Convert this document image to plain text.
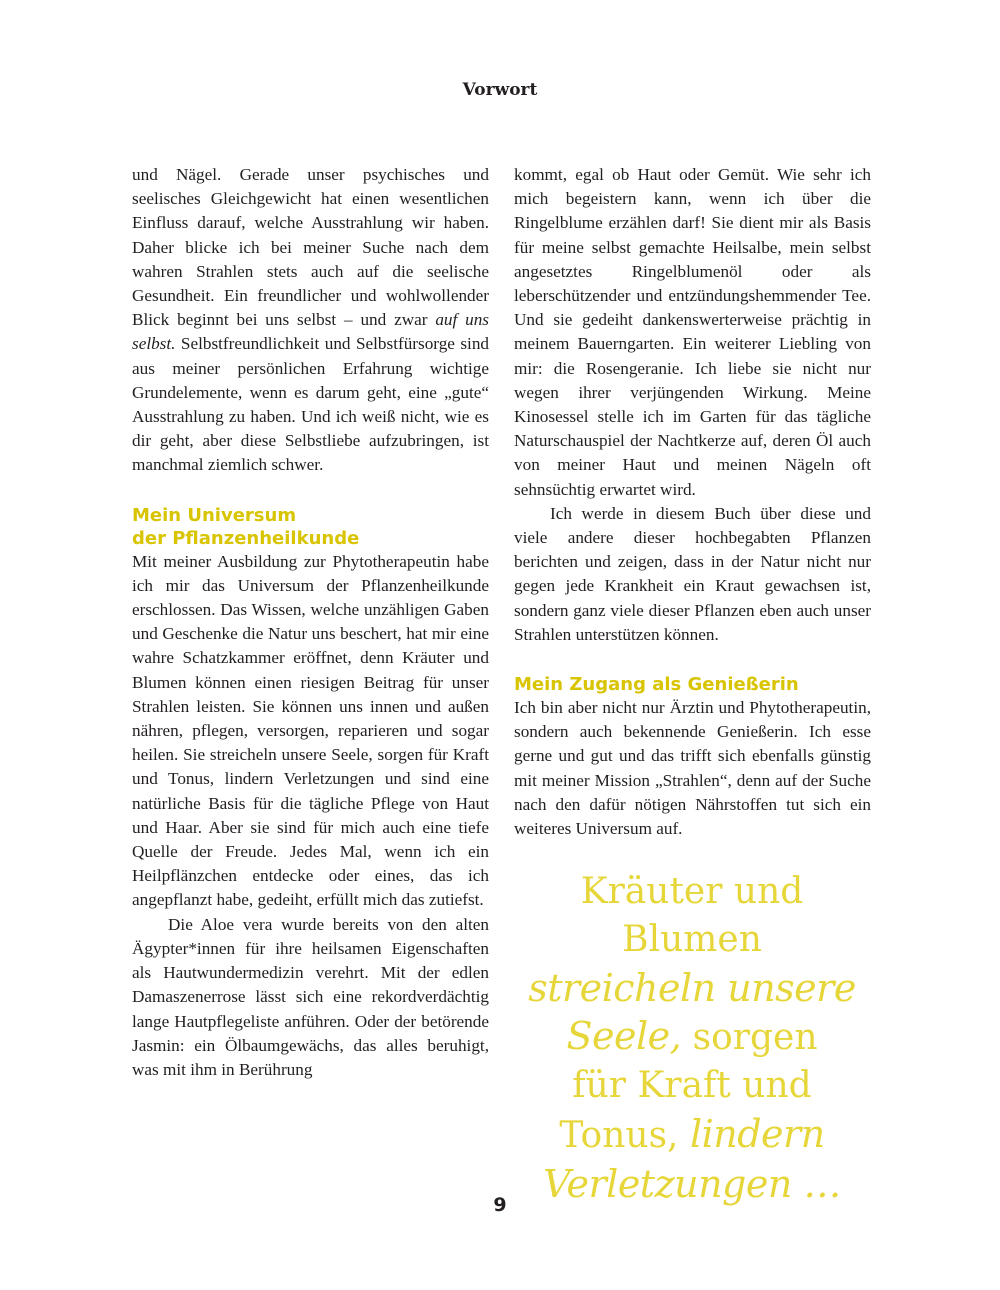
Vorwort

und Nägel. Gerade unser psychisches und seelisches Gleichgewicht hat einen wesentlichen Einfluss darauf, welche Ausstrahlung wir haben. Daher blicke ich bei meiner Suche nach dem wahren Strahlen stets auch auf die seelische Gesundheit. Ein freundlicher und wohlwollender Blick beginnt bei uns selbst – und zwar auf uns selbst. Selbstfreundlichkeit und Selbstfürsorge sind aus meiner persönlichen Erfahrung wichtige Grundelemente, wenn es darum geht, eine „gute“ Ausstrahlung zu haben. Und ich weiß nicht, wie es dir geht, aber diese Selbstliebe aufzubringen, ist manchmal ziemlich schwer.

Mein Universum
der Pflanzenheilkunde

Mit meiner Ausbildung zur Phytotherapeutin habe ich mir das Universum der Pflanzenheilkunde erschlossen. Das Wissen, welche unzähligen Gaben und Geschenke die Natur uns beschert, hat mir eine wahre Schatzkammer eröffnet, denn Kräuter und Blumen können einen riesigen Beitrag für unser Strahlen leisten. Sie können uns innen und außen nähren, pflegen, versorgen, reparieren und sogar heilen. Sie streicheln unsere Seele, sorgen für Kraft und Tonus, lindern Verletzungen und sind eine natürliche Basis für die tägliche Pflege von Haut und Haar. Aber sie sind für mich auch eine tiefe Quelle der Freude. Jedes Mal, wenn ich ein Heilpflänzchen entdecke oder eines, das ich angepflanzt habe, gedeiht, erfüllt mich das zutiefst.

Die Aloe vera wurde bereits von den alten Ägypter*innen für ihre heilsamen Eigenschaften als Hautwundermedizin verehrt. Mit der edlen Damaszenerrose lässt sich eine rekordverdächtig lange Hautpflegeliste anführen. Oder der betörende Jasmin: ein Ölbaumgewächs, das alles beruhigt, was mit ihm in Berührung

kommt, egal ob Haut oder Gemüt. Wie sehr ich mich begeistern kann, wenn ich über die Ringelblume erzählen darf! Sie dient mir als Basis für meine selbst gemachte Heilsalbe, mein selbst angesetztes Ringelblumenöl oder als leberschützender und entzündungshemmender Tee. Und sie gedeiht dankenswerterweise prächtig in meinem Bauerngarten. Ein weiterer Liebling von mir: die Rosengeranie. Ich liebe sie nicht nur wegen ihrer verjüngenden Wirkung. Meine Kinosessel stelle ich im Garten für das tägliche Naturschauspiel der Nachtkerze auf, deren Öl auch von meiner Haut und meinen Nägeln oft sehnsüchtig erwartet wird.

Ich werde in diesem Buch über diese und viele andere dieser hochbegabten Pflanzen berichten und zeigen, dass in der Natur nicht nur gegen jede Krankheit ein Kraut gewachsen ist, sondern ganz viele dieser Pflanzen eben auch unser Strahlen unterstützen können.

Mein Zugang als Genießerin

Ich bin aber nicht nur Ärztin und Phytotherapeutin, sondern auch bekennende Genießerin. Ich esse gerne und gut und das trifft sich ebenfalls günstig mit meiner Mission „Strahlen“, denn auf der Suche nach den dafür nötigen Nährstoffen tut sich ein weiteres Universum auf.

Kräuter und Blumen
streicheln unsere
Seele, sorgen
für Kraft und
Tonus, lindern
Verletzungen …
9
